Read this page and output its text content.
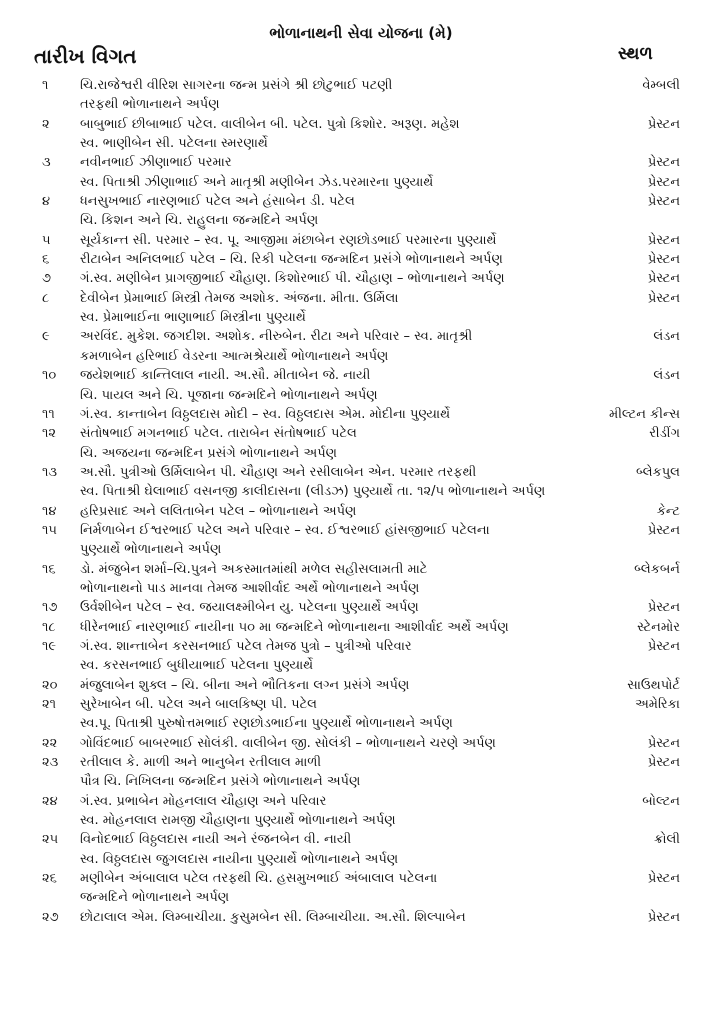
ભોળાનાથની સેવા યોજના (મે)
તારીખ વિગત	સ્થળ
૧	ચિ.રાજેશ્વરી વીરિશ સાગરના જન્મ પ્રસંગે શ્રી છોટુભાઈ પટણી	વેમ્બલી
તરફથી ભોળાનાથને અર્પણ
૨	બાબુભાઈ છીબાભાઈ પટેલ. વાલીબેન બી. પટેલ. પુત્રો કિશોર. અરૂણ. મહેશ	પ્રેસ્ટન
સ્વ. ભાણીબેન સી. પટેલના સ્મરણાર્થે
૩	નવીનભાઈ ઝીણાભાઈ પરમાર	પ્રેસ્ટન
સ્વ. પિતાશ્રી ઝીણાભાઈ અને માતૃશ્રી મણીબેન ઝેડ.પરમારના પુણ્યાર્થે	પ્રેસ્ટન
૪	ધનસુખભાઈ નારણભાઈ પટેલ અને હંસાબેન ડી. પટેલ	પ્રેસ્ટન
ચિ. કિશન અને ચિ. રાહુલના જન્મદિને અર્પણ
૫	સૂર્યકાન્ત સી. પરમાર – સ્વ. પૂ. આજીમા મંછાબેન રણછોડભાઈ પરમારના પુણ્યાર્થે	પ્રેસ્ટન
૬	રીટાબેન અનિલભાઈ પટેલ – ચિ. રિકી પટેલના જન્મદિન પ્રસંગે ભોળાનાથને અર્પણ	પ્રેસ્ટન
૭	ગં.સ્વ. મણીબેન પ્રાગજીભાઈ ચૌહાણ. કિશોરભાઈ પી. ચૌહાણ – ભોળાનાથને અર્પણ	પ્રેસ્ટન
૮	દેવીબેન પ્રેમાભાઈ મિસ્ત્રી તેમજ અશોક. અંજના. મીતા. ઉર્મિલા	પ્રેસ્ટન
સ્વ. પ્રેમાભાઈના ભાણાભાઈ મિસ્ત્રીના પુણ્યાર્થે
૯	અરવિંદ. મુકેશ. જગદીશ. અશોક. નીરુબેન. રીટા અને પરિવાર – સ્વ. માતૃશ્રી	લંડન
કમળાબેન હરિભાઈ વેડરના આત્મશ્રેયાર્થે ભોળાનાથને અર્પણ
૧૦	જયેશભાઈ કાન્તિલાલ નાયી. અ.સૌ. મીતાબેન જે. નાયી	લંડન
ચિ. પાયલ અને ચિ. પૂજાના જન્મદિને ભોળાનાથને અર્પણ
૧૧	ગં.સ્વ. કાન્તાબેન વિઠ્ઠલદાસ મોદી – સ્વ. વિઠ્ઠલદાસ એમ. મોદીના પુણ્યાર્થે	મીલ્ટન કીન્સ
૧૨	સંતોષભાઈ મગનભાઈ પટેલ. તારાબેન સંતોષભાઈ પટેલ	રીડીંગ
ચિ. અજયના જન્મદિન પ્રસંગે ભોળાનાથને અર્પણ
૧૩	અ.સૌ. પુત્રીઓ ઉર્મિલાબેન પી. ચૌહાણ અને રસીલાબેન એન. પરમાર તરફથી	બ્લેકપુલ
સ્વ. પિતાશ્રી ઘેલાભાઈ વસનજી કાલીદાસના (લીડઝ) પુણ્યાર્થે તા. ૧૨/૫ ભોળાનાથને અર્પણ
૧૪	હરિપ્રસાદ અને લલિતાબેન પટેલ – ભોળાનાથને અર્પણ	કેન્ટ
૧૫	નિર્મળાબેન ઈશ્વરભાઈ પટેલ અને પરિવાર – સ્વ. ઈશ્વરભાઈ હાંસજીભાઈ પટેલના	પ્રેસ્ટન
પુણ્યાર્થે ભોળાનાથને અર્પણ
૧૬	ડો. મંજુબેન શર્મા–ચિ.પુત્રને અકસ્માતમાંથી મળેલ સહીસલામતી માટે	બ્લેકબર્ન
ભોળાનાથનો પાડ માનવા તેમજ આશીર્વાદ અર્થે ભોળાનાથને અર્પણ
૧૭	ઉર્વશીબેન પટેલ – સ્વ. જયાલક્ષ્મીબેન યુ. પટેલના પુણ્યાર્થે અર્પણ	પ્રેસ્ટન
૧૮	ધીરેનભાઈ નારણભાઈ નાયીના ૫૦ મા જન્મદિને ભોળાનાથના આશીર્વાદ અર્થે અર્પણ	સ્ટેનમોર
૧૯	ગં.સ્વ. શાન્તાબેન કરસનભાઈ પટેલ તેમજ પુત્રો – પુત્રીઓ પરિવાર	પ્રેસ્ટન
સ્વ. કરસનભાઈ બુધીયાભાઈ પટેલના પુણ્યાર્થે
૨૦	મંજુલાબેન શુક્લ – ચિ. બીના અને ભૌતિકના લગ્ન પ્રસંગે અર્પણ	સાઉથપોર્ટ
૨૧	સુરેખાબેન બી. પટેલ અને બાલકિષ્ણ પી. પટેલ	અમેરિકા
સ્વ.પૂ. પિતાશ્રી પુરુષોત્તમભાઈ રણછોડભાઈના પુણ્યાર્થે ભોળાનાથને અર્પણ
૨૨	ગોવિંદભાઈ બાબરભાઈ સોલંકી. વાલીબેન જી. સોલંકી – ભોળાનાથને ચરણે અર્પણ	પ્રેસ્ટન
૨૩	રતીલાલ કે. માળી અને ભાનુબેન રતીલાલ માળી	પ્રેસ્ટન
પૌત્ર ચિ. નિખિલના જન્મદિન પ્રસંગે ભોળાનાથને અર્પણ
૨૪	ગં.સ્વ. પ્રભાબેન મોહનલાલ ચૌહાણ અને પરિવાર	બોલ્ટન
સ્વ. મોહનલાલ રામજી ચૌહાણના પુણ્યાર્થે ભોળાનાથને અર્પણ
૨૫	વિનોદભાઈ વિઠ્ઠલદાસ નાયી અને રંજનબેન વી. નાયી	ક્રોલી
સ્વ. વિઠ્ઠલદાસ જુગલદાસ નાયીના પુણ્યાર્થે ભોળાનાથને અર્પણ
૨૬	મણીબેન અંબાલાલ પટેલ તરફથી ચિ. હસમુખભાઈ અંબાલાલ પટેલના	પ્રેસ્ટન
જન્મદિને ભોળાનાથને અર્પણ
૨૭	છોટાલાલ એમ. લિમ્બાચીયા. કુસુમબેન સી. લિમ્બાચીયા. અ.સૌ. શિલ્પાબેન	પ્રેસ્ટન
